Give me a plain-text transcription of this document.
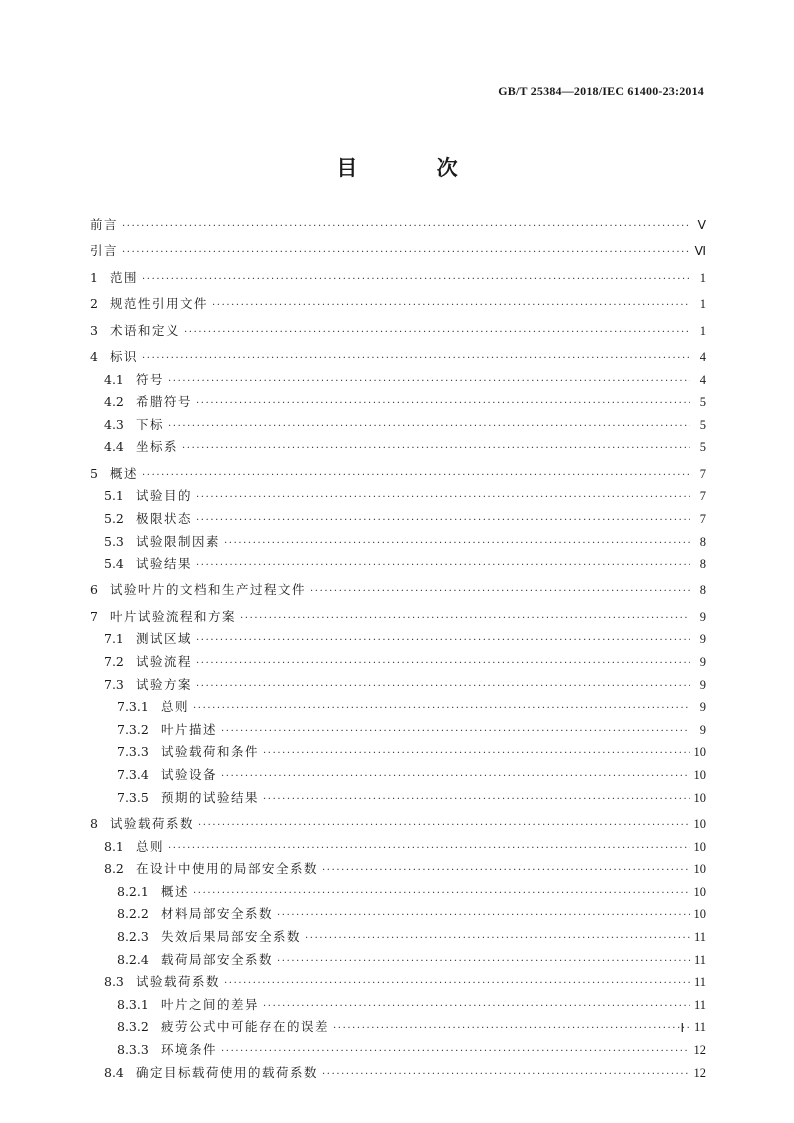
GB/T 25384—2018/IEC 61400-23:2014
目 次
前言 ·····	Ⅴ
引言 ·····	Ⅵ
1 范围 ·····	1
2 规范性引用文件 ·····	1
3 术语和定义 ·····	1
4 标识 ·····	4
4.1 符号 ·····	4
4.2 希腊符号 ·····	5
4.3 下标 ·····	5
4.4 坐标系 ·····	5
5 概述 ·····	7
5.1 试验目的 ·····	7
5.2 极限状态 ·····	7
5.3 试验限制因素 ·····	8
5.4 试验结果 ·····	8
6 试验叶片的文档和生产过程文件 ·····	8
7 叶片试验流程和方案 ·····	9
7.1 测试区域 ·····	9
7.2 试验流程 ·····	9
7.3 试验方案 ·····	9
7.3.1 总则 ·····	9
7.3.2 叶片描述 ·····	9
7.3.3 试验载荷和条件 ·····	10
7.3.4 试验设备 ·····	10
7.3.5 预期的试验结果 ·····	10
8 试验载荷系数 ·····	10
8.1 总则 ·····	10
8.2 在设计中使用的局部安全系数 ·····	10
8.2.1 概述 ·····	10
8.2.2 材料局部安全系数 ·····	10
8.2.3 失效后果局部安全系数 ·····	11
8.2.4 载荷局部安全系数 ·····	11
8.3 试验载荷系数 ·····	11
8.3.1 叶片之间的差异 ·····	11
8.3.2 疲劳公式中可能存在的误差 ·····	11
8.3.3 环境条件 ·····	12
8.4 确定目标载荷使用的载荷系数 ·····	12
Ⅰ
